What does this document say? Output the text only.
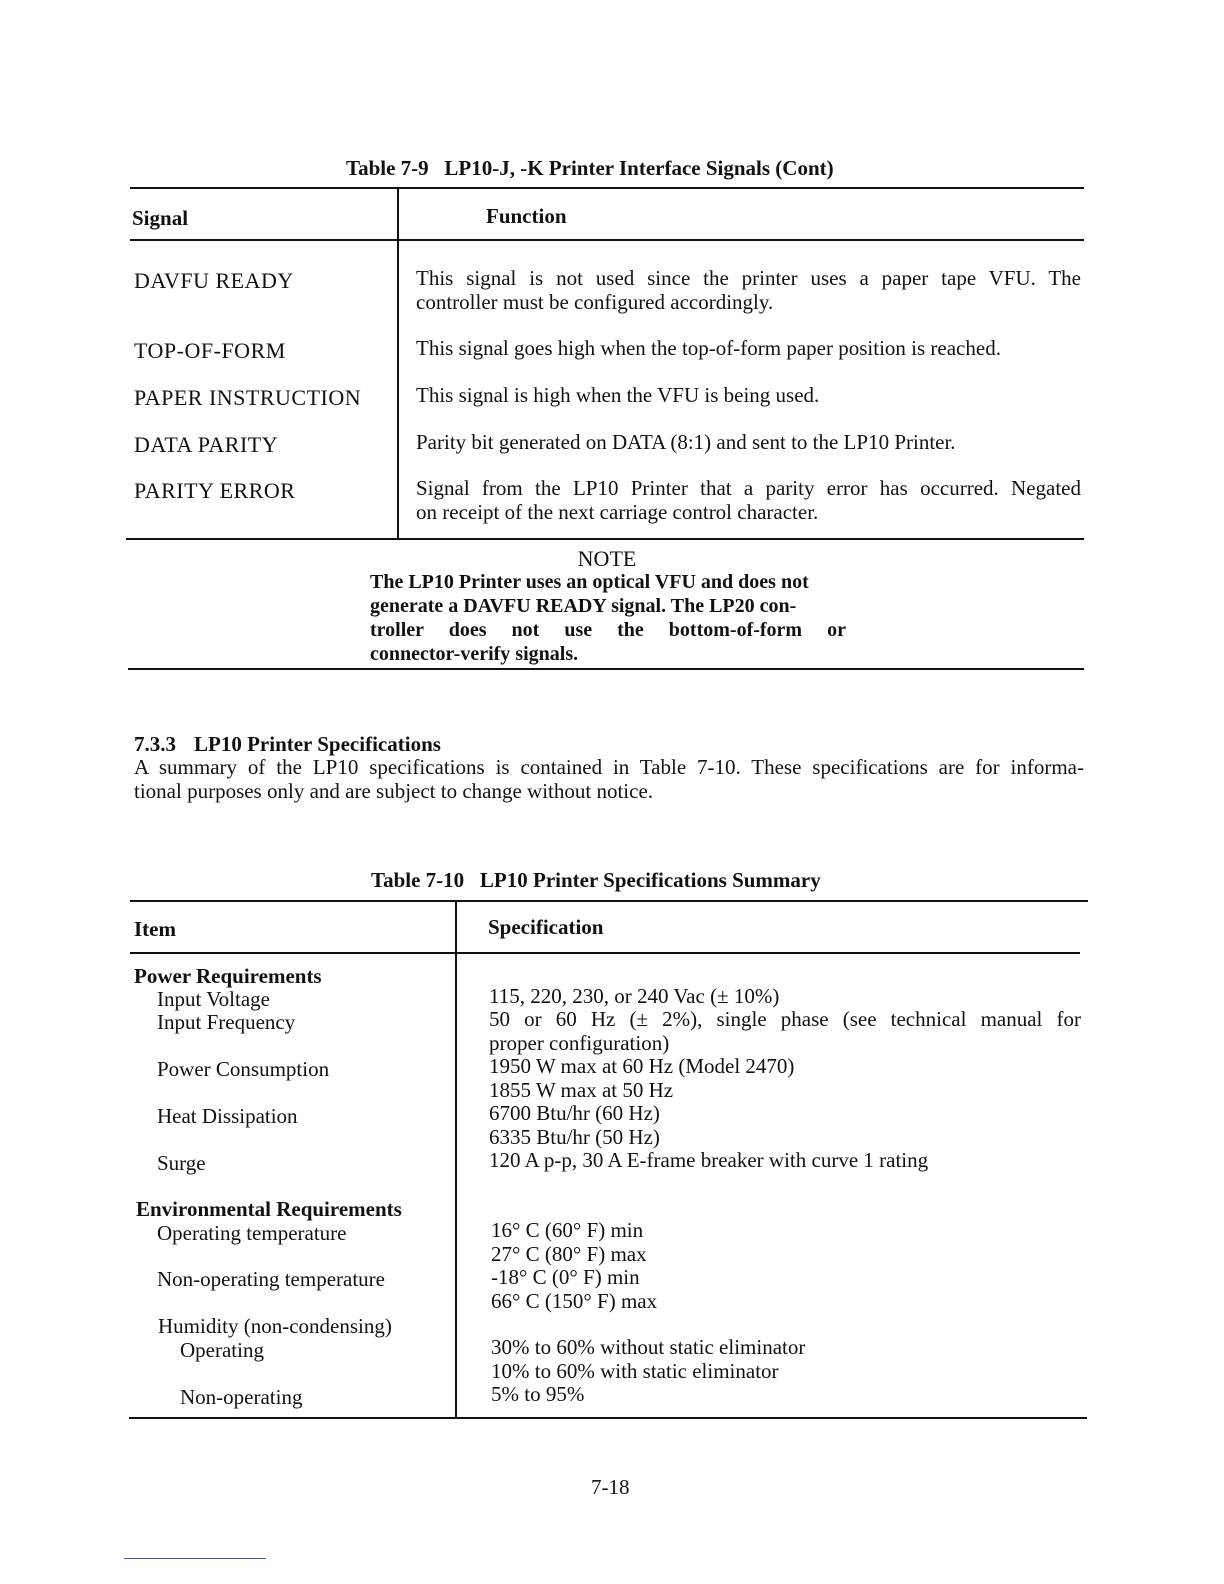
Table 7-9   LP10-J, -K Printer Interface Signals (Cont)
Signal	Function
DAVFU READY	This signal is not used since the printer uses a paper tape VFU. The
controller must be configured accordingly.
TOP-OF-FORM	This signal goes high when the top-of-form paper position is reached.
PAPER INSTRUCTION	This signal is high when the VFU is being used.
DATA PARITY	Parity bit generated on DATA (8:1) and sent to the LP10 Printer.
PARITY ERROR	Signal from the LP10 Printer that a parity error has occurred. Negated
on receipt of the next carriage control character.
NOTE
The LP10 Printer uses an optical VFU and does not
generate a DAVFU READY signal. The LP20 con-
troller does not use the bottom-of-form or
connector-verify signals.
7.3.3 LP10 Printer Specifications
A summary of the LP10 specifications is contained in Table 7-10. These specifications are for informa-
tional purposes only and are subject to change without notice.
Table 7-10   LP10 Printer Specifications Summary
Item	Specification
Power Requirements
Input Voltage	115, 220, 230, or 240 Vac (± 10%)
Input Frequency	50 or 60 Hz (± 2%), single phase (see technical manual for
proper configuration)
Power Consumption	1950 W max at 60 Hz (Model 2470)
1855 W max at 50 Hz
Heat Dissipation	6700 Btu/hr (60 Hz)
6335 Btu/hr (50 Hz)
Surge	120 A p-p, 30 A E-frame breaker with curve 1 rating
Environmental Requirements
Operating temperature	16° C (60° F) min
27° C (80° F) max
Non-operating temperature	-18° C (0° F) min
66° C (150° F) max
Humidity (non-condensing)
Operating	30% to 60% without static eliminator
10% to 60% with static eliminator
Non-operating	5% to 95%
7-18
